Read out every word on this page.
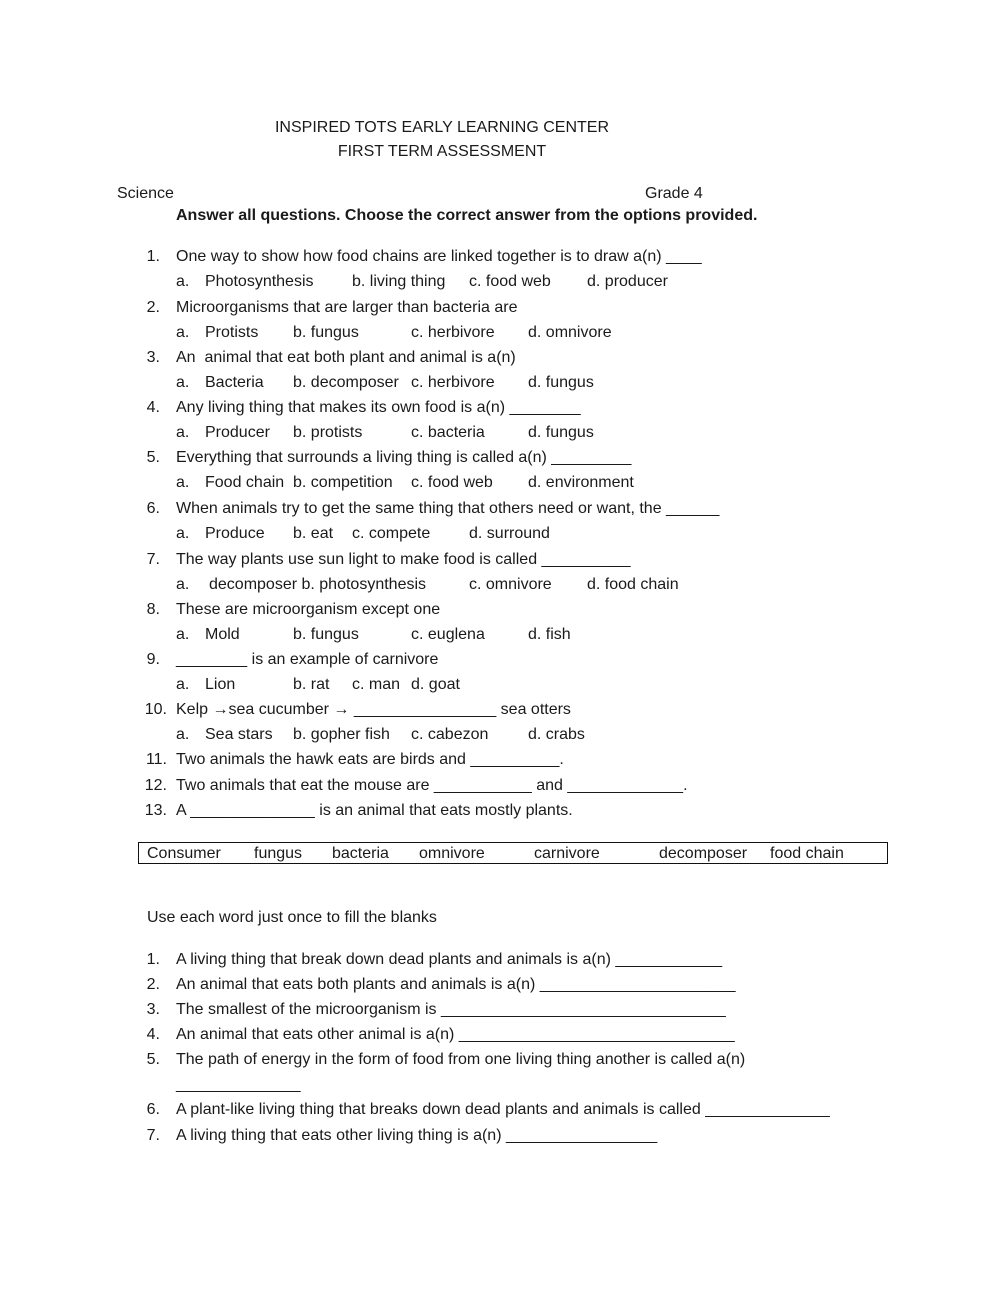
INSPIRED TOTS EARLY LEARNING CENTER
FIRST TERM ASSESSMENT
Science	Grade 4
Answer all questions. Choose the correct answer from the options provided.
1. One way to show how food chains are linked together is to draw a(n) ____
a. Photosynthesis b. living thing c. food web d. producer
2. Microorganisms that are larger than bacteria are
a. Protists b. fungus	c. herbivore d. omnivore
3. An  animal that eat both plant and animal is a(n)
a. Bacteria b. decomposer c. herbivore d. fungus
4. Any living thing that makes its own food is a(n) ________
a. Producer b. protists	c. bacteria	d. fungus
5. Everything that surrounds a living thing is called a(n) _________
a. Food chain b. competition c. food web d. environment
6. When animals try to get the same thing that others need or want, the ______
a. Produce b. eat c. compete d. surround
7. The way plants use sun light to make food is called __________
a. decomposer b. photosynthesis	c. omnivore d. food chain
8. These are microorganism except one
a. Mold	b. fungus	c. euglena	d. fish
9. ________ is an example of carnivore
a. Lion	b. rat c. man d. goat
10. Kelp →sea cucumber → ________________ sea otters
a. Sea stars b. gopher fish c. cabezon d. crabs
11. Two animals the hawk eats are birds and __________.
12. Two animals that eat the mouse are ___________ and _____________.
13. A ______________ is an animal that eats mostly plants.
Consumer fungus bacteria omnivore	carnivore	decomposer food chain
Use each word just once to fill the blanks
1. A living thing that break down dead plants and animals is a(n) ____________
2. An animal that eats both plants and animals is a(n) ______________________
3. The smallest of the microorganism is ________________________________
4. An animal that eats other animal is a(n) _______________________________
5. The path of energy in the form of food from one living thing another is called a(n)
______________
6. A plant-like living thing that breaks down dead plants and animals is called ______________
7. A living thing that eats other living thing is a(n) _________________
